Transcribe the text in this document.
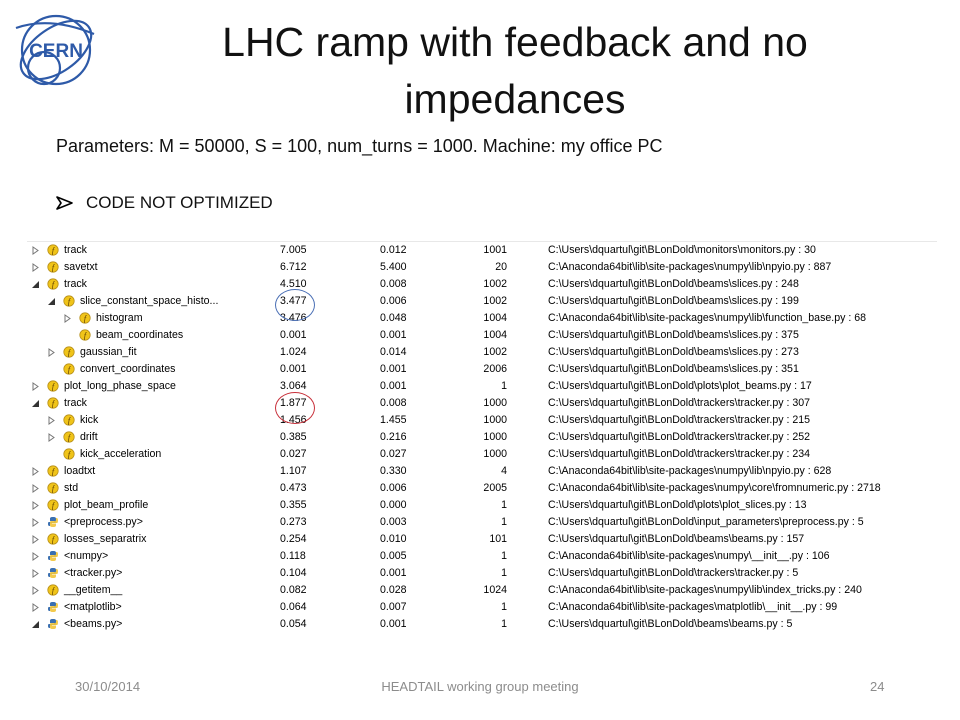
CERN	LHC ramp with feedback and no impedances
Parameters: M = 50000, S = 100, num_turns = 1000. Machine: my office PC
CODE NOT OPTIMIZED
f track	7.005	0.012	1001	C:\Users\dquartul\git\BLonDold\monitors\monitors.py : 30
f savetxt	6.712	5.400	20	C:\Anaconda64bit\lib\site-packages\numpy\lib\npyio.py : 887
f track	4.510	0.008	1002	C:\Users\dquartul\git\BLonDold\beams\slices.py : 248
f slice_constant_space_histo...	3.477	0.006	1002	C:\Users\dquartul\git\BLonDold\beams\slices.py : 199
f histogram	3.476	0.048	1004	C:\Anaconda64bit\lib\site-packages\numpy\lib\function_base.py : 68
f beam_coordinates	0.001	0.001	1004	C:\Users\dquartul\git\BLonDold\beams\slices.py : 375
f gaussian_fit	1.024	0.014	1002	C:\Users\dquartul\git\BLonDold\beams\slices.py : 273
f convert_coordinates	0.001	0.001	2006	C:\Users\dquartul\git\BLonDold\beams\slices.py : 351
f plot_long_phase_space	3.064	0.001	1	C:\Users\dquartul\git\BLonDold\plots\plot_beams.py : 17
f track	1.877	0.008	1000	C:\Users\dquartul\git\BLonDold\trackers\tracker.py : 307
f kick	1.456	1.455	1000	C:\Users\dquartul\git\BLonDold\trackers\tracker.py : 215
f drift	0.385	0.216	1000	C:\Users\dquartul\git\BLonDold\trackers\tracker.py : 252
f kick_acceleration	0.027	0.027	1000	C:\Users\dquartul\git\BLonDold\trackers\tracker.py : 234
f loadtxt	1.107	0.330	4	C:\Anaconda64bit\lib\site-packages\numpy\lib\npyio.py : 628
f std	0.473	0.006	2005	C:\Anaconda64bit\lib\site-packages\numpy\core\fromnumeric.py : 2718
f plot_beam_profile	0.355	0.000	1	C:\Users\dquartul\git\BLonDold\plots\plot_slices.py : 13
<preprocess.py>	0.273	0.003	1	C:\Users\dquartul\git\BLonDold\input_parameters\preprocess.py : 5
f losses_separatrix	0.254	0.010	101	C:\Users\dquartul\git\BLonDold\beams\beams.py : 157
<numpy>	0.118	0.005	1	C:\Anaconda64bit\lib\site-packages\numpy\__init__.py : 106
<tracker.py>	0.104	0.001	1	C:\Users\dquartul\git\BLonDold\trackers\tracker.py : 5
f __getitem__	0.082	0.028	1024	C:\Anaconda64bit\lib\site-packages\numpy\lib\index_tricks.py : 240
<matplotlib>	0.064	0.007	1	C:\Anaconda64bit\lib\site-packages\matplotlib\__init__.py : 99
<beams.py>	0.054	0.001	1	C:\Users\dquartul\git\BLonDold\beams\beams.py : 5
30/10/2014	HEADTAIL working group meeting	24
